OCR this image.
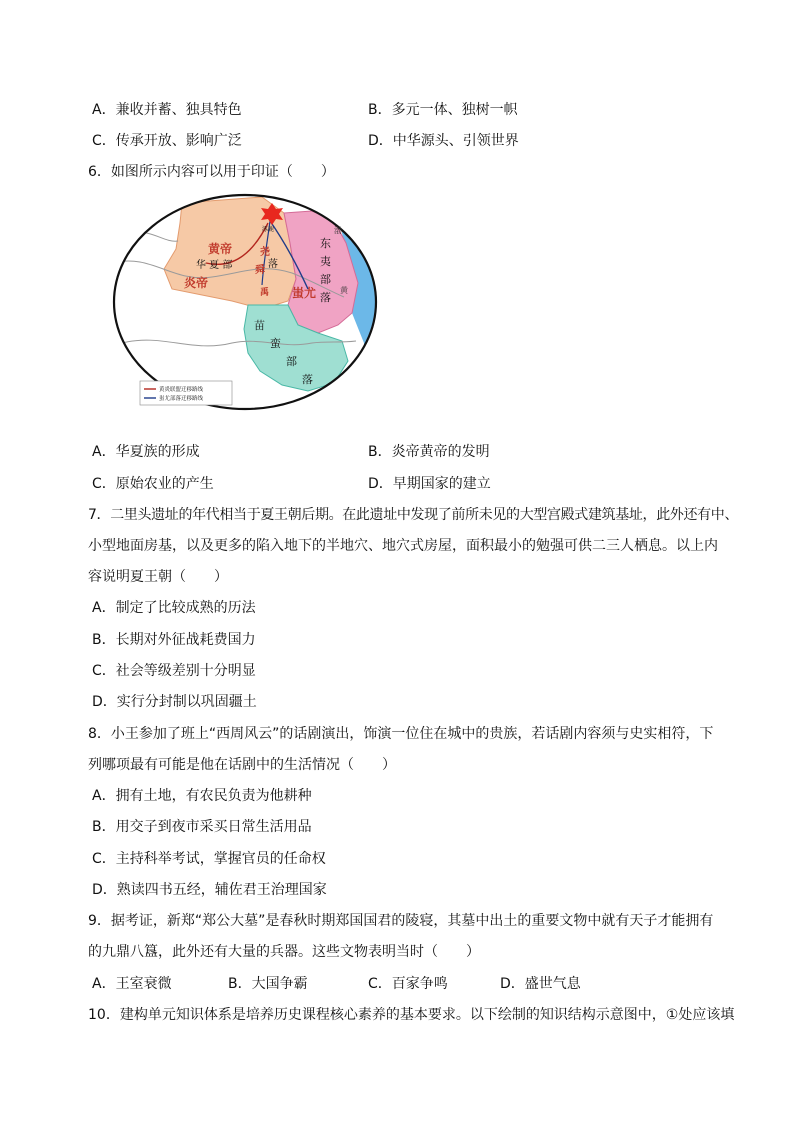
A．兼收并蓄、独具特色	B．多元一体、独树一帜
C．传承开放、影响广泛	D．中华源头、引领世界
6．如图所示内容可以用于印证（　　）
涿鹿	渤
黄
黄帝
华 夏 部
炎帝
尧
舜
禹
落
蚩尤
东
夷
部
落
苗
蛮
部
落
黄炎联盟迁移路线
蚩尤部落迁移路线
A．华夏族的形成	B．炎帝黄帝的发明
C．原始农业的产生	D．早期国家的建立
7．二里头遗址的年代相当于夏王朝后期。在此遗址中发现了前所未见的大型宫殿式建筑基址，此外还有中、
小型地面房基，以及更多的陷入地下的半地穴、地穴式房屋，面积最小的勉强可供二三人栖息。以上内
容说明夏王朝（　　）
A．制定了比较成熟的历法
B．长期对外征战耗费国力
C．社会等级差别十分明显
D．实行分封制以巩固疆土
8．小王参加了班上“西周风云”的话剧演出，饰演一位住在城中的贵族，若话剧内容须与史实相符，下
列哪项最有可能是他在话剧中的生活情况（　　）
A．拥有土地，有农民负责为他耕种
B．用交子到夜市采买日常生活用品
C．主持科举考试，掌握官员的任命权
D．熟读四书五经，辅佐君王治理国家
9．据考证，新郑“郑公大墓”是春秋时期郑国国君的陵寝，其墓中出土的重要文物中就有天子才能拥有
的九鼎八簋，此外还有大量的兵器。这些文物表明当时（　　）
A．王室衰微	B．大国争霸	C．百家争鸣	D．盛世气息
10．建构单元知识体系是培养历史课程核心素养的基本要求。以下绘制的知识结构示意图中，①处应该填
